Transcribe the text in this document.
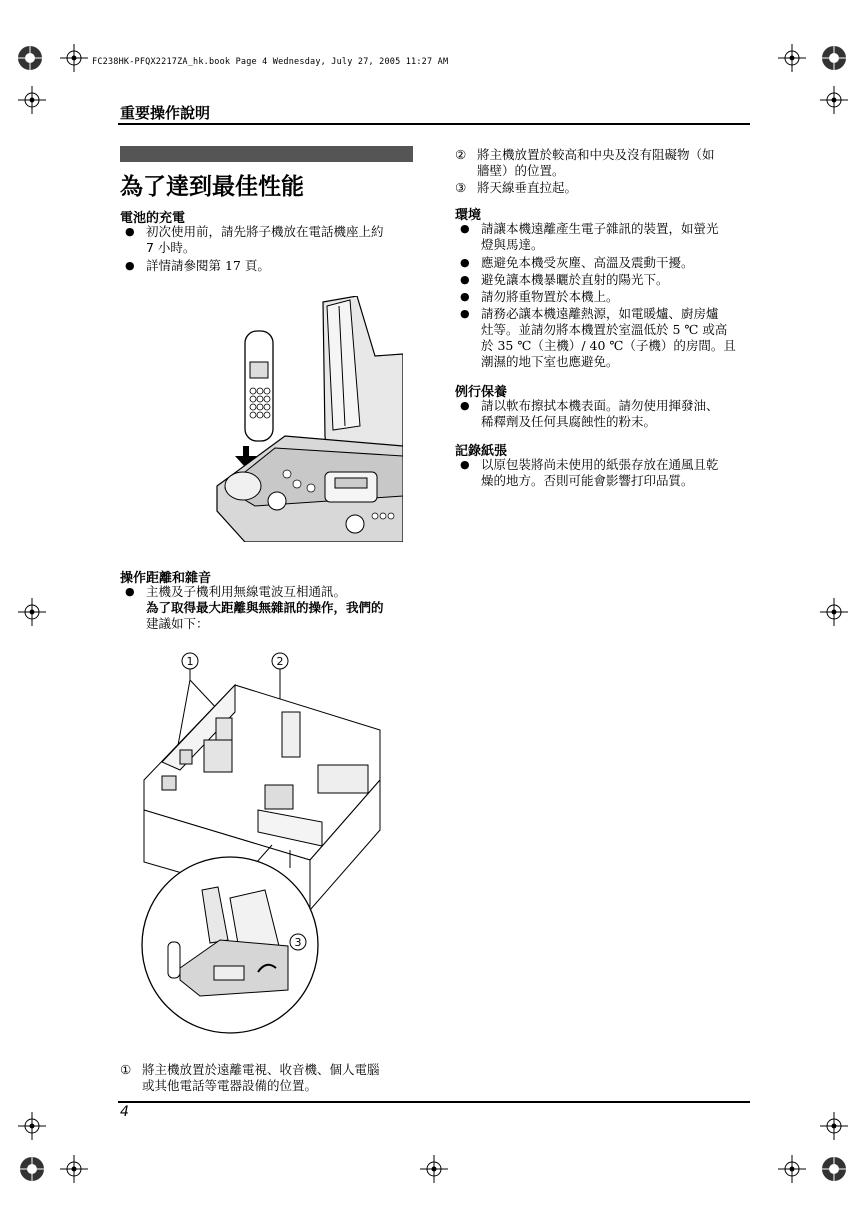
FC238HK-PFQX2217ZA_hk.book Page 4 Wednesday, July 27, 2005 11:27 AM
重要操作說明
為了達到最佳性能
電池的充電
● 初次使用前，請先將子機放在電話機座上約
7 小時。
● 詳情請參閱第 17 頁。
操作距離和雜音
● 主機及子機利用無線電波互相通訊。
為了取得最大距離與無雜訊的操作，我們的
建議如下：
1	2
3
① 將主機放置於遠離電視、收音機、個人電腦
或其他電話等電器設備的位置。
② 將主機放置於較高和中央及沒有阻礙物（如
牆壁）的位置。
③ 將天線垂直拉起。
環境
● 請讓本機遠離產生電子雜訊的裝置，如螢光
燈與馬達。
● 應避免本機受灰塵、高溫及震動干擾。
● 避免讓本機暴曬於直射的陽光下。
● 請勿將重物置於本機上。
● 請務必讓本機遠離熱源，如電暖爐、廚房爐
灶等。並請勿將本機置於室溫低於 5 ℃ 或高
於 35 ℃（主機）/ 40 ℃（子機）的房間。且
潮濕的地下室也應避免。
例行保養
● 請以軟布擦拭本機表面。請勿使用揮發油、
稀釋劑及任何具腐蝕性的粉末。
記錄紙張
● 以原包裝將尚未使用的紙張存放在通風且乾
燥的地方。否則可能會影響打印品質。
4
